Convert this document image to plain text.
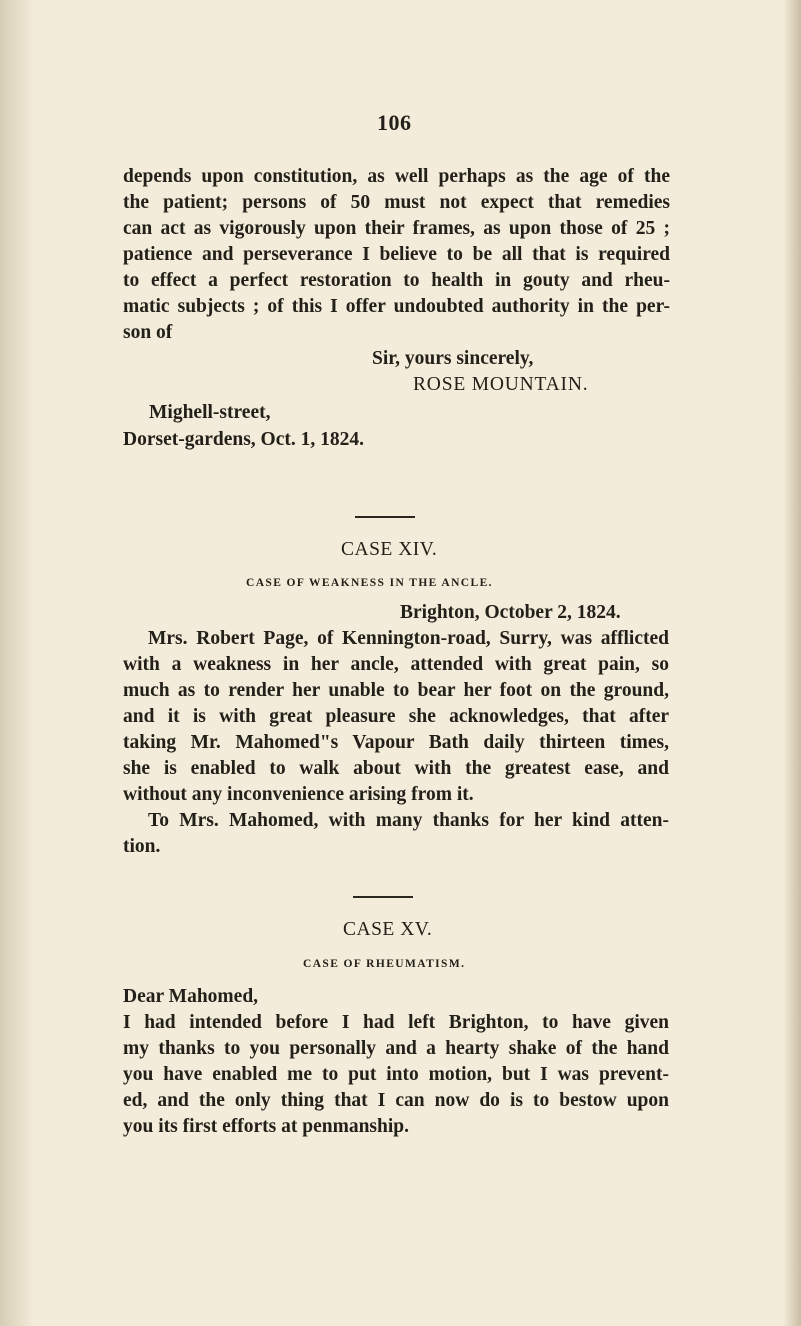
106
depends upon constitution, as well perhaps as the age of the
the patient; persons of 50 must not expect that remedies
can act as vigorously upon their frames, as upon those of 25 ;
patience and perseverance I believe to be all that is required
to effect a perfect restoration to health in gouty and rheu-
matic subjects ; of this I offer undoubted authority in the per-
son of
Sir, yours sincerely,
ROSE MOUNTAIN.
Mighell-street,
Dorset-gardens, Oct. 1, 1824.
CASE XIV.
CASE OF WEAKNESS IN THE ANCLE.
Brighton, October 2, 1824.
Mrs. Robert Page, of Kennington-road, Surry, was afflicted
with a weakness in her ancle, attended with great pain, so
much as to render her unable to bear her foot on the ground,
and it is with great pleasure she acknowledges, that after
taking Mr. Mahomed"s Vapour Bath daily thirteen times,
she is enabled to walk about with the greatest ease, and
without any inconvenience arising from it.
To Mrs. Mahomed, with many thanks for her kind atten-
tion.
CASE XV.
CASE OF RHEUMATISM.
Dear Mahomed,
I had intended before I had left Brighton, to have given
my thanks to you personally and a hearty shake of the hand
you have enabled me to put into motion, but I was prevent-
ed, and the only thing that I can now do is to bestow upon
you its first efforts at penmanship.
